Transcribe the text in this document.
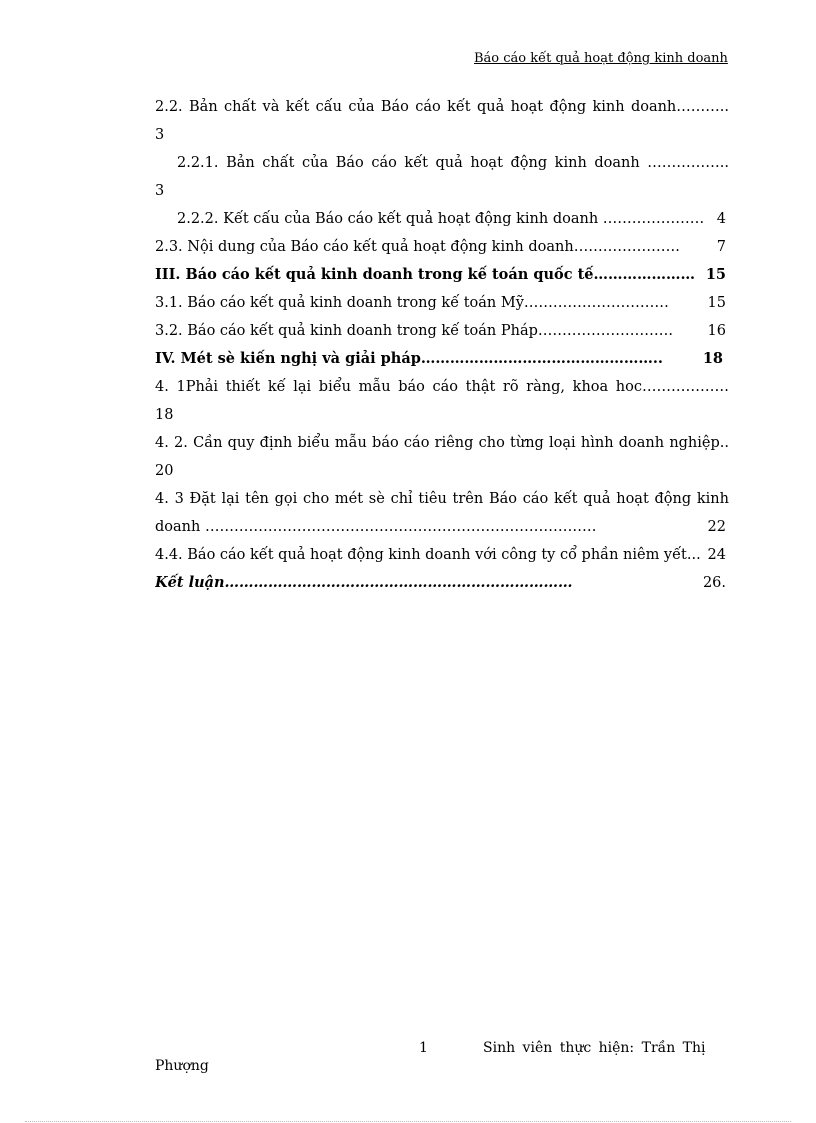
Báo cáo kết quả hoạt động kinh doanh
2.2. Bản chất và kết cấu của Báo cáo kết quả hoạt động kinh doanh………..
3
2.2.1. Bản chất của Báo cáo kết quả hoạt động kinh doanh ……………..
3
2.2.2. Kết cấu của Báo cáo kết quả hoạt động kinh doanh ………………… 4
2.3. Nội dung của Báo cáo kết quả hoạt động kinh doanh………………….	7
III. Báo cáo kết quả kinh doanh trong kế toán quốc tế………………… 15
3.1. Báo cáo kết quả kinh doanh trong kế toán Mỹ…………………………	15
3.2. Báo cáo kết quả kinh doanh trong kế toán Pháp………………………. 16
IV. Mét sè kiến nghị và giải pháp…………………………………………..	18
4. 1Phải thiết kế lại biểu mẫu báo cáo thật rõ ràng, khoa hoc………………
18
4. 2. Cần quy định biểu mẫu báo cáo riêng cho từng loại hình doanh nghiệp..
20
4. 3 Đặt lại tên gọi cho mét sè chỉ tiêu trên Báo cáo kết quả hoạt động kinh
doanh ………………………………………………………………………	22
4.4. Báo cáo kết quả hoạt động kinh doanh với công ty cổ phần niêm yết... 24
Kết luận………………………………………………………………	26.
1	Sinh viên thực hiện: Trần Thị
Phượng
